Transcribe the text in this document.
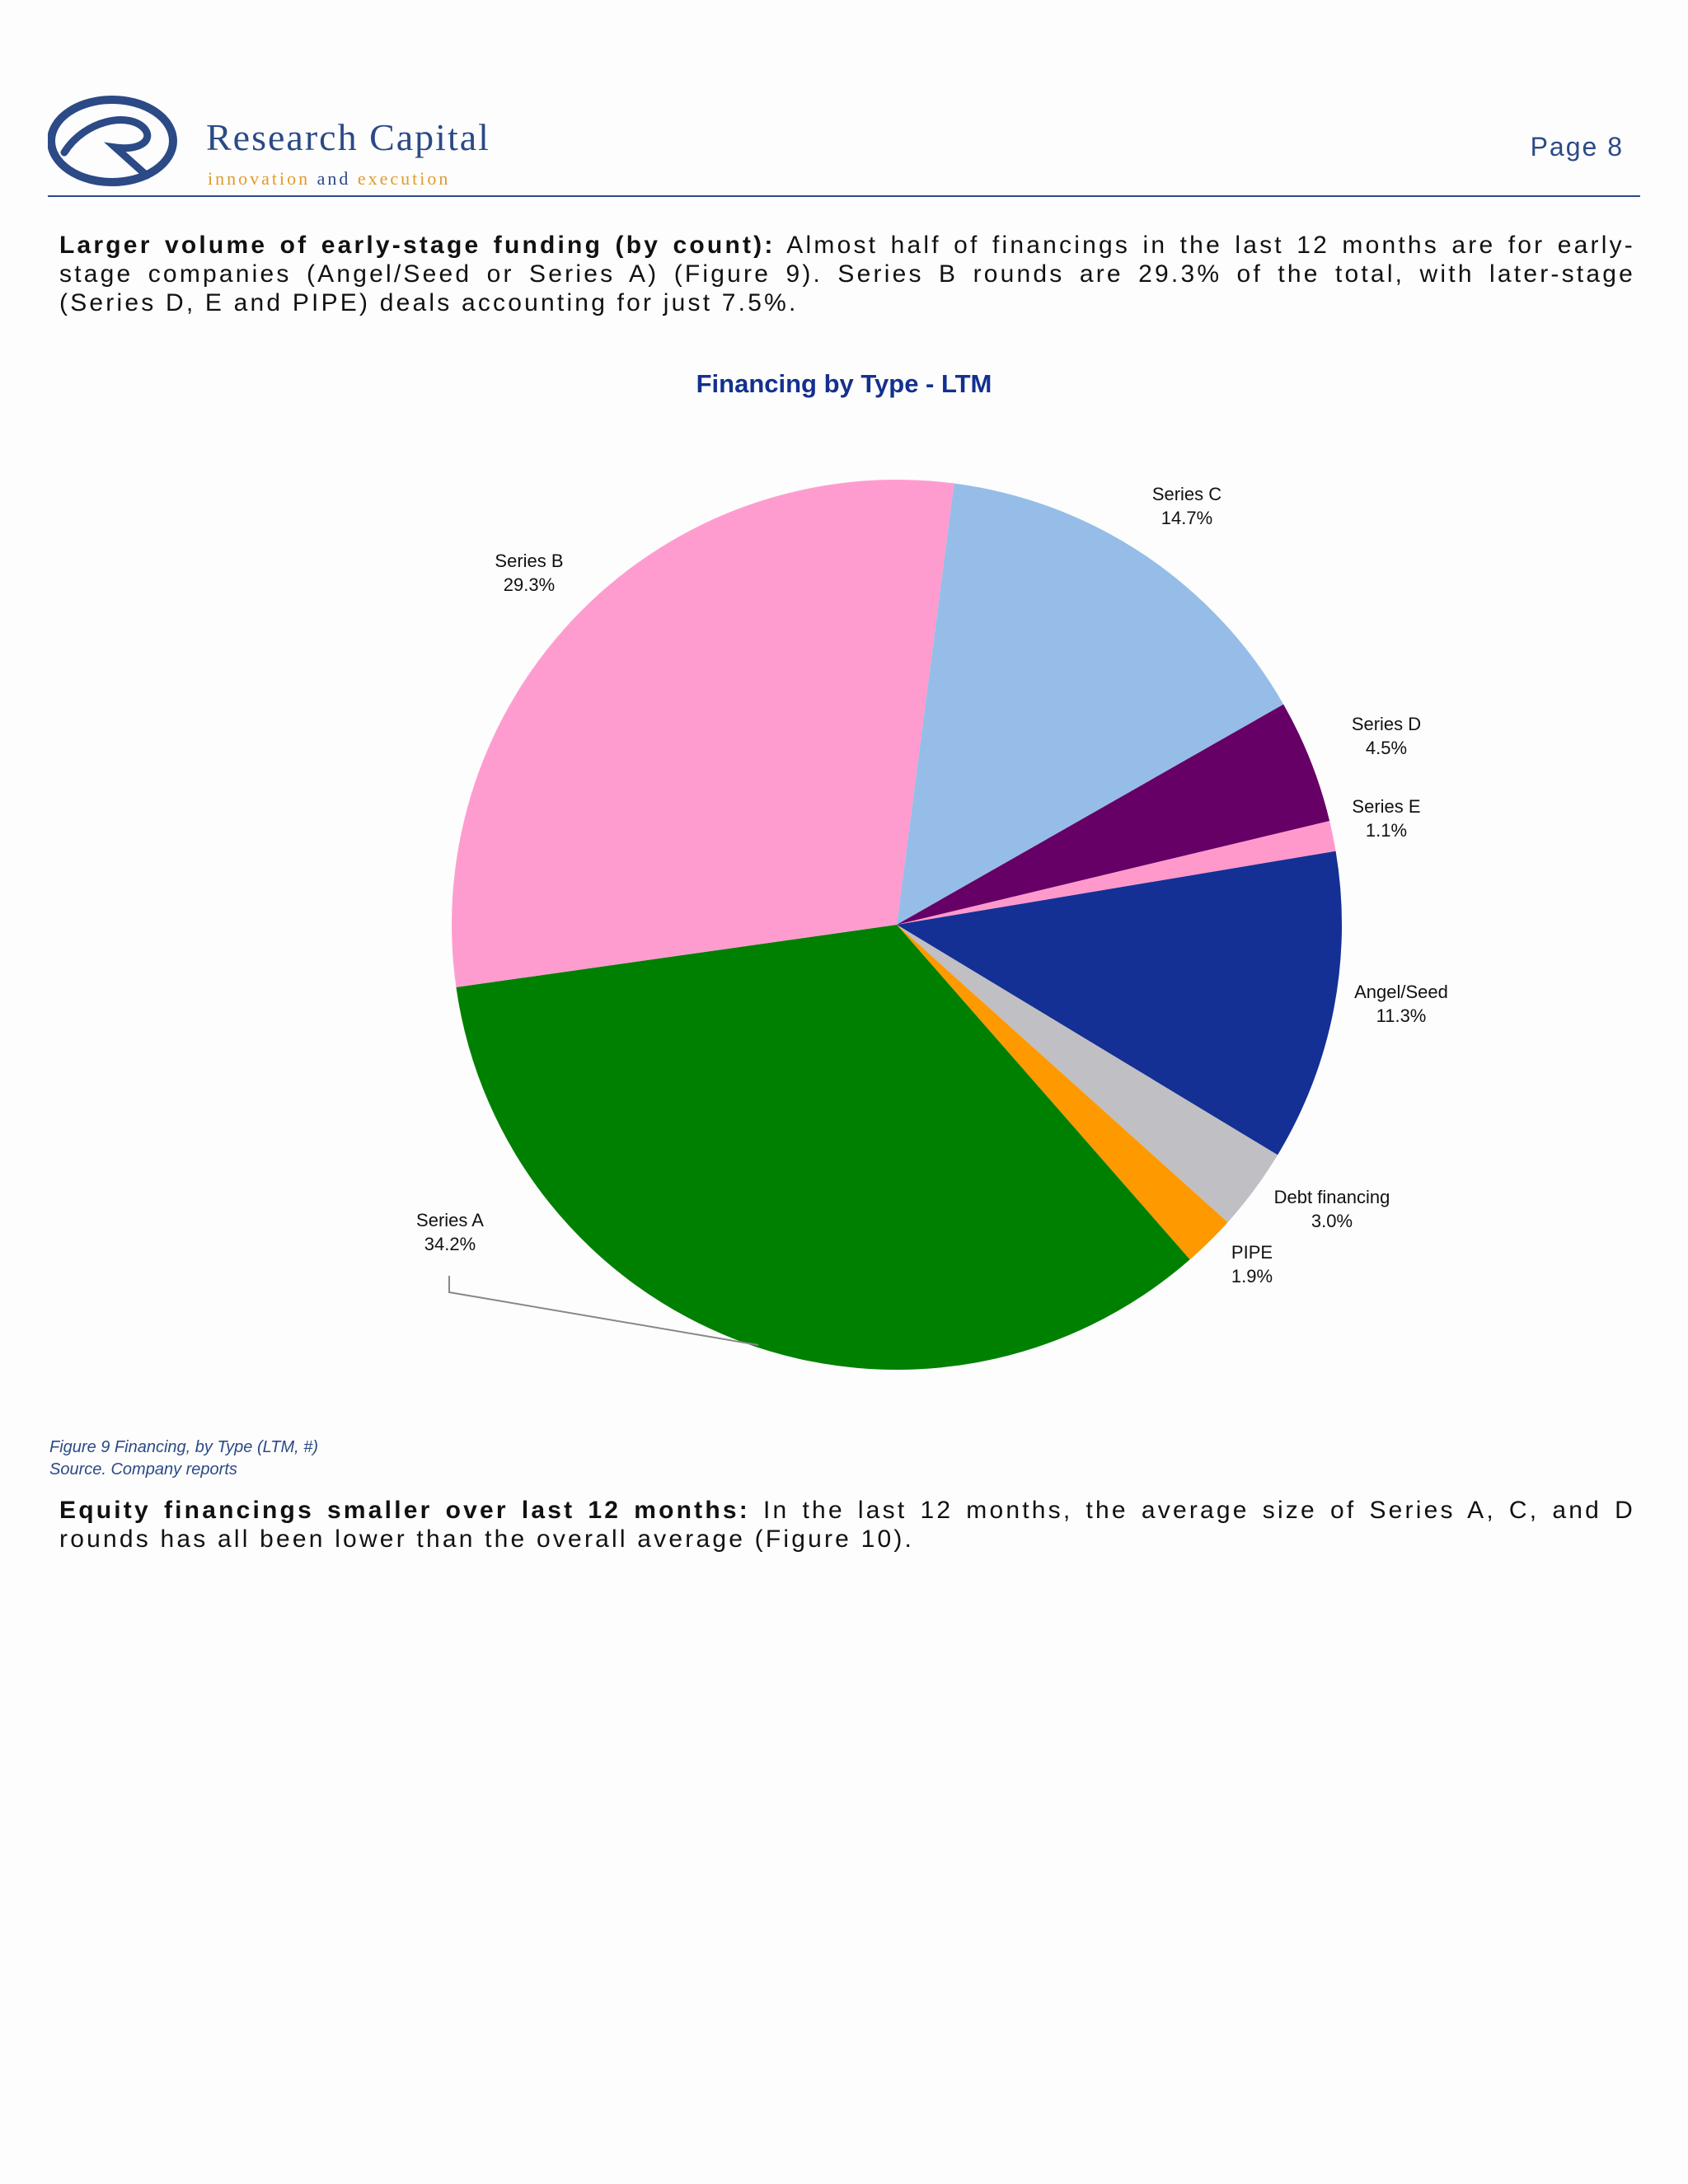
Research Capital
innovation and execution
Page 8
Larger volume of early-stage funding (by count): Almost half of financings in the last 12 months are for early-stage companies (Angel/Seed or Series A) (Figure 9). Series B rounds are 29.3% of the total, with later-stage (Series D, E and PIPE) deals accounting for just 7.5%.
Financing by Type - LTM
Series C
14.7%
Series D
4.5%
Series E
1.1%
Angel/Seed
11.3%
Debt financing
3.0%
PIPE
1.9%
Series A
34.2%
Series B
29.3%
Figure 9 Financing, by Type (LTM, #)
Source. Company reports
Equity financings smaller over last 12 months: In the last 12 months, the average size of Series A, C, and D rounds has all been lower than the overall average (Figure 10).
